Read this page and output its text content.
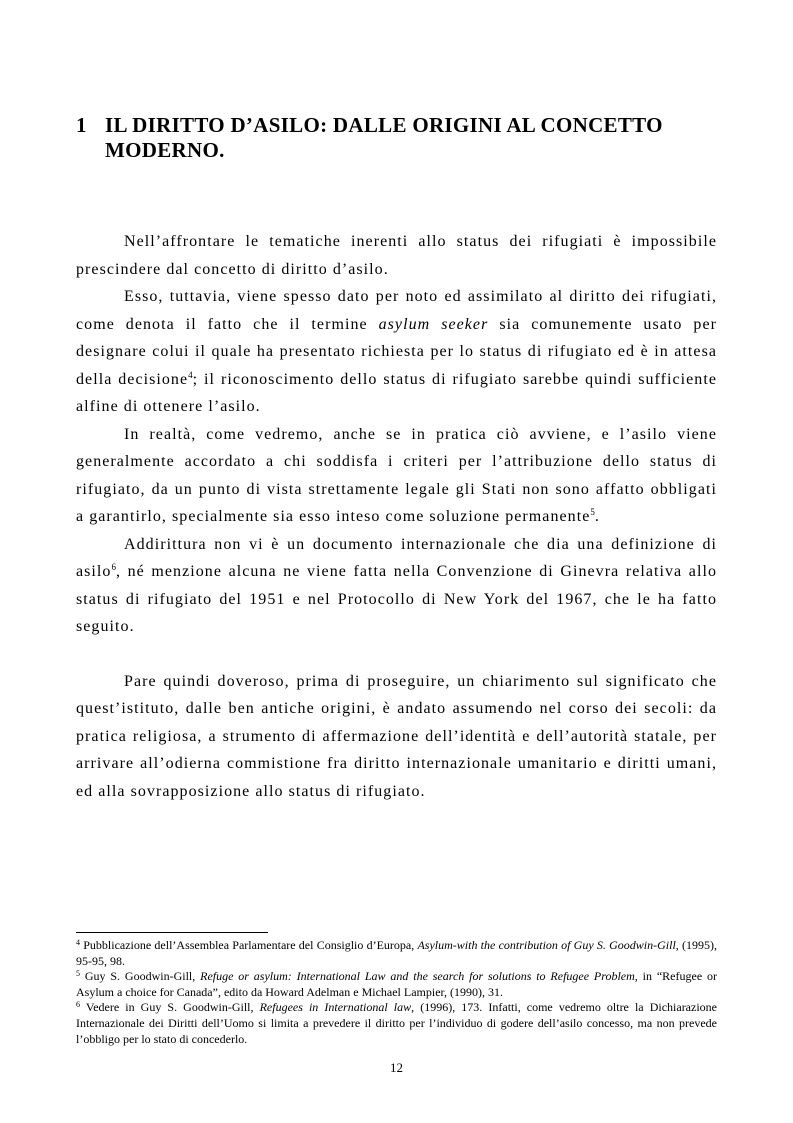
1 IL DIRITTO D’ASILO: DALLE ORIGINI AL CONCETTO MODERNO.

Nell’affrontare le tematiche inerenti allo status dei rifugiati è impossibile prescindere dal concetto di diritto d’asilo.

Esso, tuttavia, viene spesso dato per noto ed assimilato al diritto dei rifugiati, come denota il fatto che il termine asylum seeker sia comunemente usato per designare colui il quale ha presentato richiesta per lo status di rifugiato ed è in attesa della decisione$^4$; il riconoscimento dello status di rifugiato sarebbe quindi sufficiente alfine di ottenere l’asilo.

In realtà, come vedremo, anche se in pratica ciò avviene, e l’asilo viene generalmente accordato a chi soddisfa i criteri per l’attribuzione dello status di rifugiato, da un punto di vista strettamente legale gli Stati non sono affatto obbligati a garantirlo, specialmente sia esso inteso come soluzione permanente$^5$.

Addirittura non vi è un documento internazionale che dia una definizione di asilo$^6$, né menzione alcuna ne viene fatta nella Convenzione di Ginevra relativa allo status di rifugiato del 1951 e nel Protocollo di New York del 1967, che le ha fatto seguito.

Pare quindi doveroso, prima di proseguire, un chiarimento sul significato che quest’istituto, dalle ben antiche origini, è andato assumendo nel corso dei secoli: da pratica religiosa, a strumento di affermazione dell’identità e dell’autorità statale, per arrivare all’odierna commistione fra diritto internazionale umanitario e diritti umani, ed alla sovrapposizione allo status di rifugiato.

$^4$ Pubblicazione dell’Assemblea Parlamentare del Consiglio d’Europa, Asylum-with the contribution of Guy S. Goodwin-Gill, (1995), 95-95, 98.

$^5$ Guy S. Goodwin-Gill, Refuge or asylum: International Law and the search for solutions to Refugee Problem, in “Refugee or Asylum a choice for Canada”, edito da Howard Adelman e Michael Lampier, (1990), 31.

$^6$ Vedere in Guy S. Goodwin-Gill, Refugees in International law, (1996), 173. Infatti, come vedremo oltre la Dichiarazione Internazionale dei Diritti dell’Uomo si limita a prevedere il diritto per l’individuo di godere dell’asilo concesso, ma non prevede l’obbligo per lo stato di concederlo.

12
